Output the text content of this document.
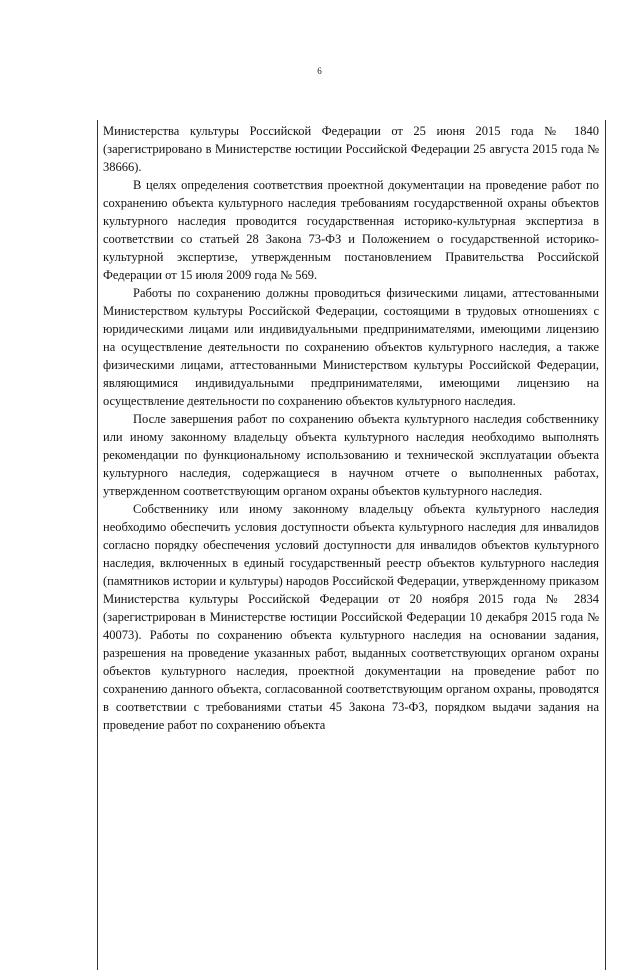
6

Министерства культуры Российской Федерации от 25 июня 2015 года № 1840 (зарегистрировано в Министерстве юстиции Российской Федерации 25 августа 2015 года № 38666).

В целях определения соответствия проектной документации на проведение работ по сохранению объекта культурного наследия требованиям государственной охраны объектов культурного наследия проводится государственная историко-культурная экспертиза в соответствии со статьей 28 Закона 73-ФЗ и Положением о государственной историко-культурной экспертизе, утвержденным постановлением Правительства Российской Федерации от 15 июля 2009 года № 569.

Работы по сохранению должны проводиться физическими лицами, аттестованными Министерством культуры Российской Федерации, состоящими в трудовых отношениях с юридическими лицами или индивидуальными предпринимателями, имеющими лицензию на осуществление деятельности по сохранению объектов культурного наследия, а также физическими лицами, аттестованными Министерством культуры Российской Федерации, являющимися индивидуальными предпринимателями, имеющими лицензию на осуществление деятельности по сохранению объектов культурного наследия.

После завершения работ по сохранению объекта культурного наследия собственнику или иному законному владельцу объекта культурного наследия необходимо выполнять рекомендации по функциональному использованию и технической эксплуатации объекта культурного наследия, содержащиеся в научном отчете о выполненных работах, утвержденном соответствующим органом охраны объектов культурного наследия.

Собственнику или иному законному владельцу объекта культурного наследия необходимо обеспечить условия доступности объекта культурного наследия для инвалидов согласно порядку обеспечения условий доступности для инвалидов объектов культурного наследия, включенных в единый государственный реестр объектов культурного наследия (памятников истории и культуры) народов Российской Федерации, утвержденному приказом Министерства культуры Российской Федерации от 20 ноября 2015 года № 2834 (зарегистрирован в Министерстве юстиции Российской Федерации 10 декабря 2015 года № 40073). Работы по сохранению объекта культурного наследия на основании задания, разрешения на проведение указанных работ, выданных соответствующих органом охраны объектов культурного наследия, проектной документации на проведение работ по сохранению данного объекта, согласованной соответствующим органом охраны, проводятся в соответствии с требованиями статьи 45 Закона 73-ФЗ, порядком выдачи задания на проведение работ по сохранению объекта
